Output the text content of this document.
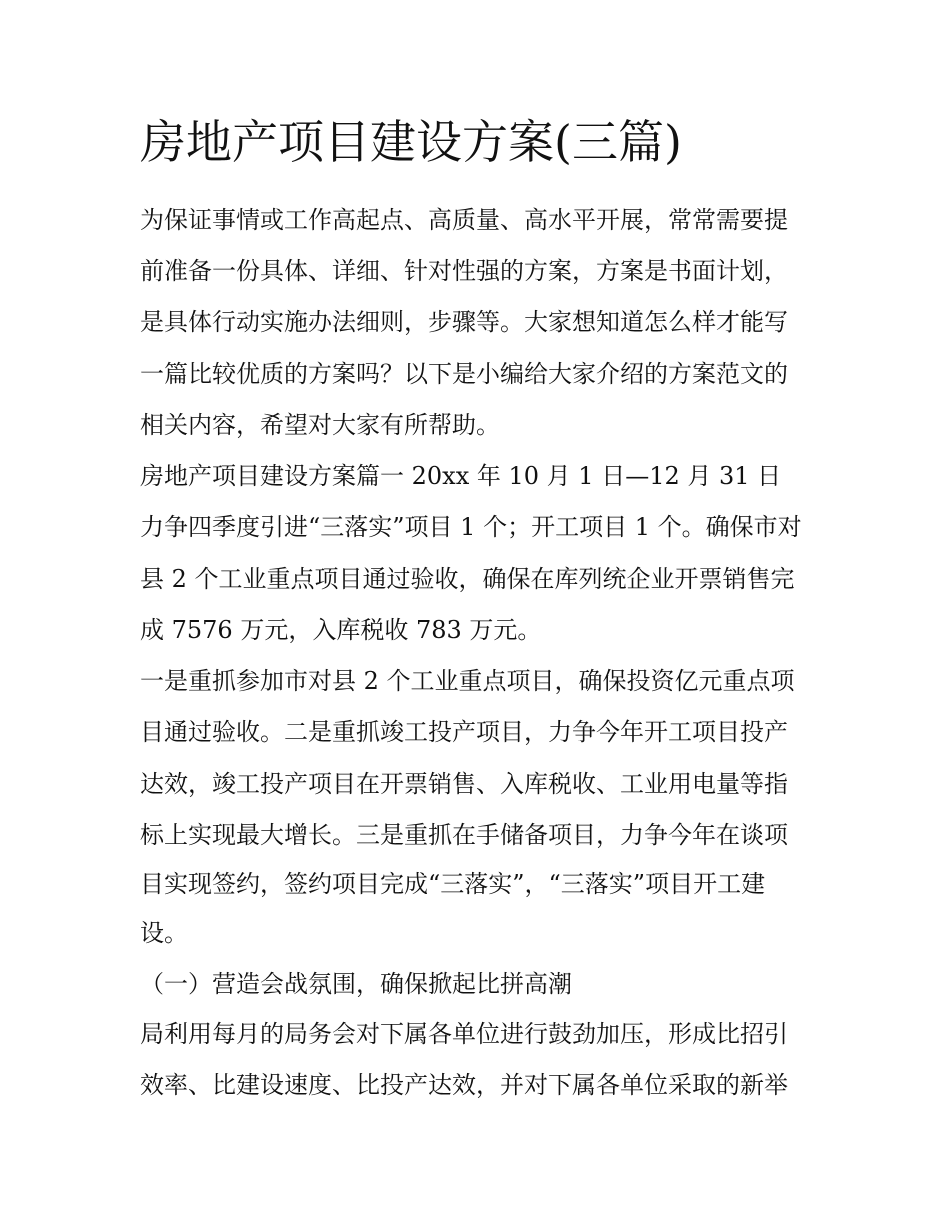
房地产项目建设方案(三篇)

为保证事情或工作高起点、高质量、高水平开展，常常需要提

前准备一份具体、详细、针对性强的方案，方案是书面计划，

是具体行动实施办法细则，步骤等。大家想知道怎么样才能写

一篇比较优质的方案吗？以下是小编给大家介绍的方案范文的

相关内容，希望对大家有所帮助。

房地产项目建设方案篇一 20xx 年 10 月 1 日—12 月 31 日

力争四季度引进“三落实”项目 1 个；开工项目 1 个。确保市对

县 2 个工业重点项目通过验收，确保在库列统企业开票销售完

成 7576 万元，入库税收 783 万元。

一是重抓参加市对县 2 个工业重点项目，确保投资亿元重点项

目通过验收。二是重抓竣工投产项目，力争今年开工项目投产

达效，竣工投产项目在开票销售、入库税收、工业用电量等指

标上实现最大增长。三是重抓在手储备项目，力争今年在谈项

目实现签约，签约项目完成“三落实”，“三落实”项目开工建

设。

（一）营造会战氛围，确保掀起比拼高潮

局利用每月的局务会对下属各单位进行鼓劲加压，形成比招引

效率、比建设速度、比投产达效，并对下属各单位采取的新举
